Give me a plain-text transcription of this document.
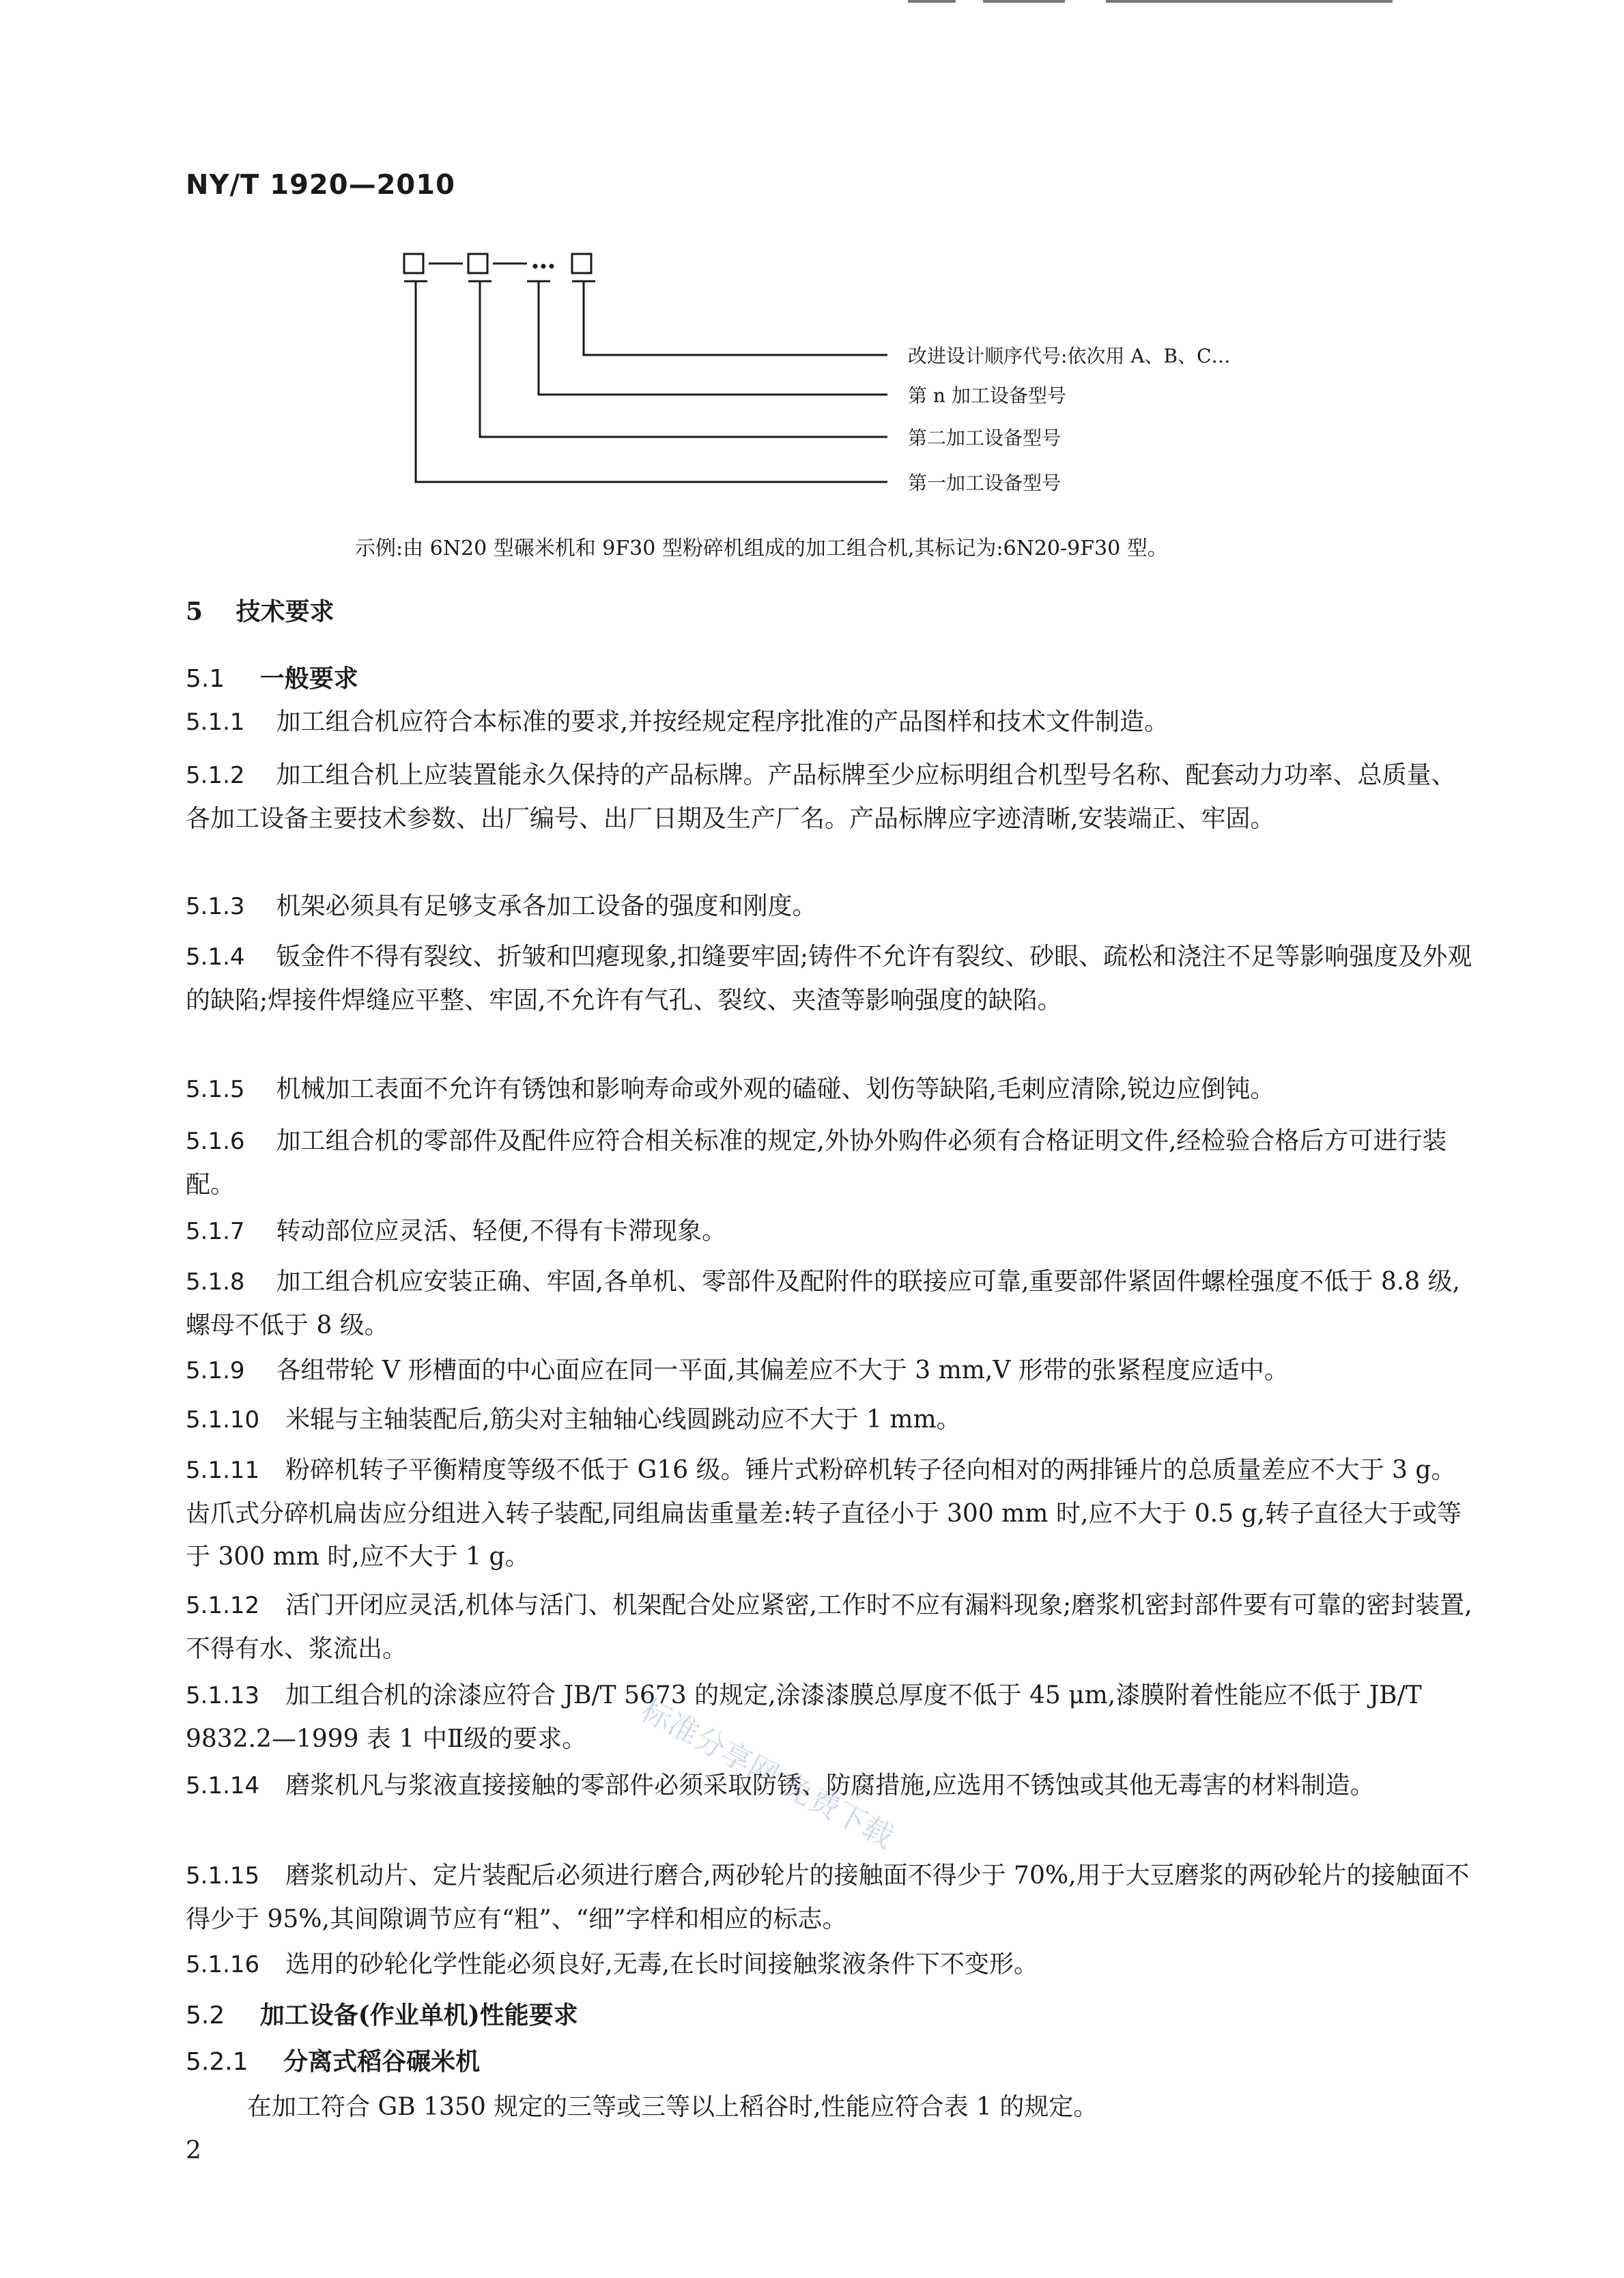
NY/T 1920—2010
改进设计顺序代号:依次用 A、B、C…
第 n 加工设备型号
第二加工设备型号
第一加工设备型号
示例:由 6N20 型碾米机和 9F30 型粉碎机组成的加工组合机,其标记为:6N20-9F30 型。
5 技术要求
5.1 一般要求
5.1.1 加工组合机应符合本标准的要求,并按经规定程序批准的产品图样和技术文件制造。
5.1.2 加工组合机上应装置能永久保持的产品标牌。产品标牌至少应标明组合机型号名称、配套动力功率、总质量、各加工设备主要技术参数、出厂编号、出厂日期及生产厂名。产品标牌应字迹清晰,安装端正、牢固。
5.1.3 机架必须具有足够支承各加工设备的强度和刚度。
5.1.4 钣金件不得有裂纹、折皱和凹瘪现象,扣缝要牢固;铸件不允许有裂纹、砂眼、疏松和浇注不足等影响强度及外观的缺陷;焊接件焊缝应平整、牢固,不允许有气孔、裂纹、夹渣等影响强度的缺陷。
5.1.5 机械加工表面不允许有锈蚀和影响寿命或外观的磕碰、划伤等缺陷,毛刺应清除,锐边应倒钝。
5.1.6 加工组合机的零部件及配件应符合相关标准的规定,外协外购件必须有合格证明文件,经检验合格后方可进行装配。
5.1.7 转动部位应灵活、轻便,不得有卡滞现象。
5.1.8 加工组合机应安装正确、牢固,各单机、零部件及配附件的联接应可靠,重要部件紧固件螺栓强度不低于 8.8 级,螺母不低于 8 级。
5.1.9 各组带轮 V 形槽面的中心面应在同一平面,其偏差应不大于 3 mm,V 形带的张紧程度应适中。
5.1.10 米辊与主轴装配后,筋尖对主轴轴心线圆跳动应不大于 1 mm。
5.1.11 粉碎机转子平衡精度等级不低于 G16 级。锤片式粉碎机转子径向相对的两排锤片的总质量差应不大于 3 g。齿爪式分碎机扁齿应分组进入转子装配,同组扁齿重量差:转子直径小于 300 mm 时,应不大于 0.5 g,转子直径大于或等于 300 mm 时,应不大于 1 g。
5.1.12 活门开闭应灵活,机体与活门、机架配合处应紧密,工作时不应有漏料现象;磨浆机密封部件要有可靠的密封装置,不得有水、浆流出。
5.1.13 加工组合机的涂漆应符合 JB/T 5673 的规定,涂漆漆膜总厚度不低于 45 μm,漆膜附着性能应不低于 JB/T 9832.2—1999 表 1 中Ⅱ级的要求。
5.1.14 磨浆机凡与浆液直接接触的零部件必须采取防锈、防腐措施,应选用不锈蚀或其他无毒害的材料制造。
5.1.15 磨浆机动片、定片装配后必须进行磨合,两砂轮片的接触面不得少于 70%,用于大豆磨浆的两砂轮片的接触面不得少于 95%,其间隙调节应有“粗”、“细”字样和相应的标志。
5.1.16 选用的砂轮化学性能必须良好,无毒,在长时间接触浆液条件下不变形。
5.2 加工设备(作业单机)性能要求
5.2.1 分离式稻谷碾米机
在加工符合 GB 1350 规定的三等或三等以上稻谷时,性能应符合表 1 的规定。
2
标准分享网 免费下载
